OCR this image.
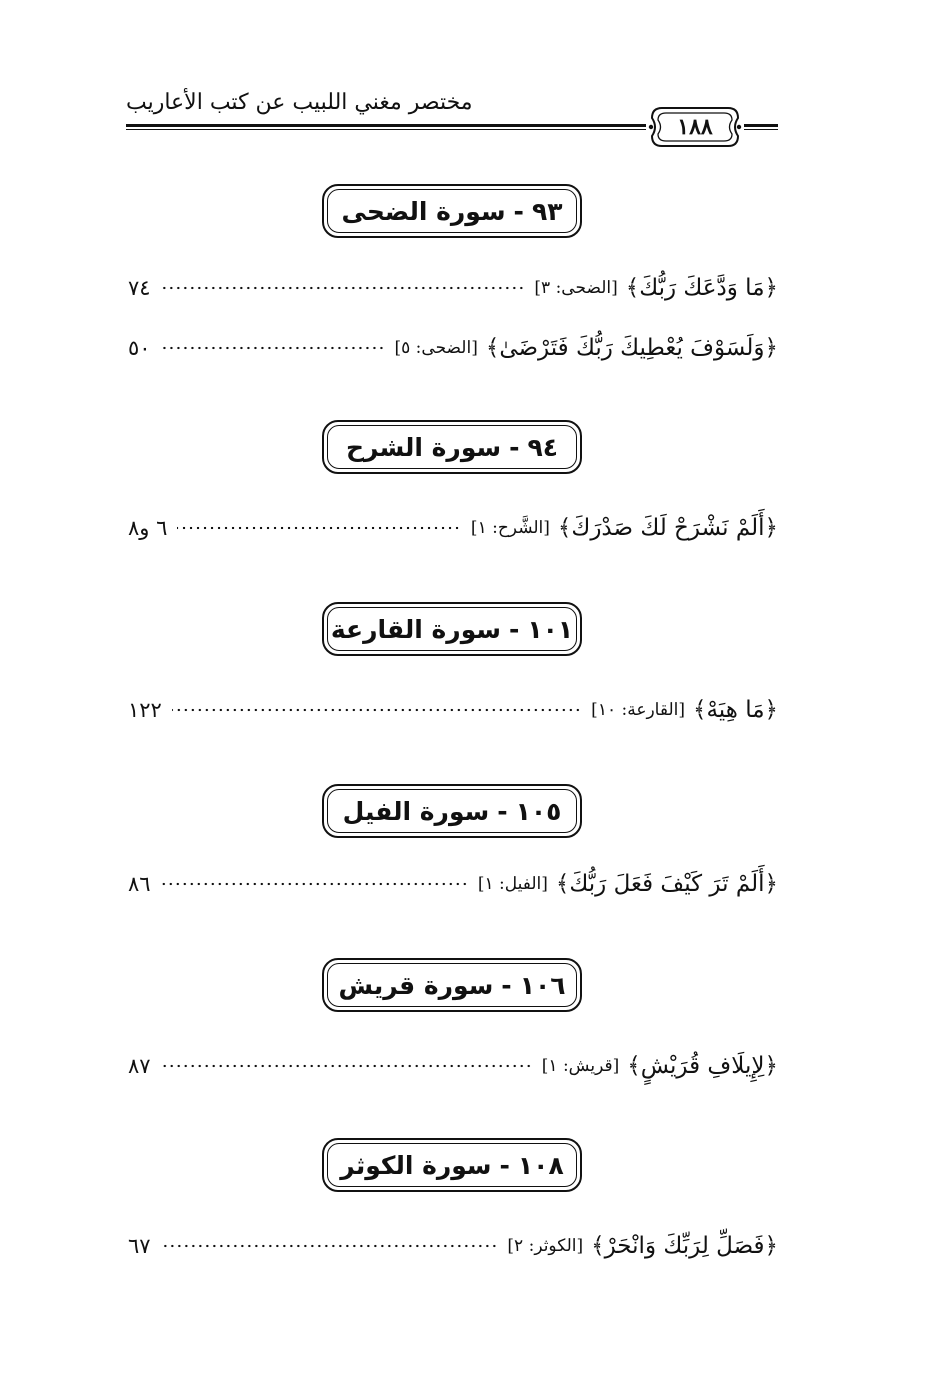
مختصر مغني اللبيب عن كتب الأعاريب
١٨٨
٩٣
-
سورة الضحى
﴿مَا وَدَّعَكَ رَبُّكَ﴾
[الضحى: ٣]
٧٤
﴿وَلَسَوْفَ يُعْطِيكَ رَبُّكَ فَتَرْضَىٰ﴾
[الضحى: ٥]
٥٠
٩٤
-
سورة الشرح
﴿أَلَمْ نَشْرَحْ لَكَ صَدْرَكَ﴾
[الشَّرح: ١]
٦ و٨
١٠١
-
سورة القارعة
﴿مَا هِيَهْ﴾
[القارعة: ١٠]
١٢٢
١٠٥
-
سورة الفيل
﴿أَلَمْ تَرَ كَيْفَ فَعَلَ رَبُّكَ﴾
[الفيل: ١]
٨٦
١٠٦
-
سورة قريش
﴿لِإِيلَافِ قُرَيْشٍ﴾
[قريش: ١]
٨٧
١٠٨
-
سورة الكوثر
﴿فَصَلِّ لِرَبِّكَ وَانْحَرْ﴾
[الكوثر: ٢]
٦٧
